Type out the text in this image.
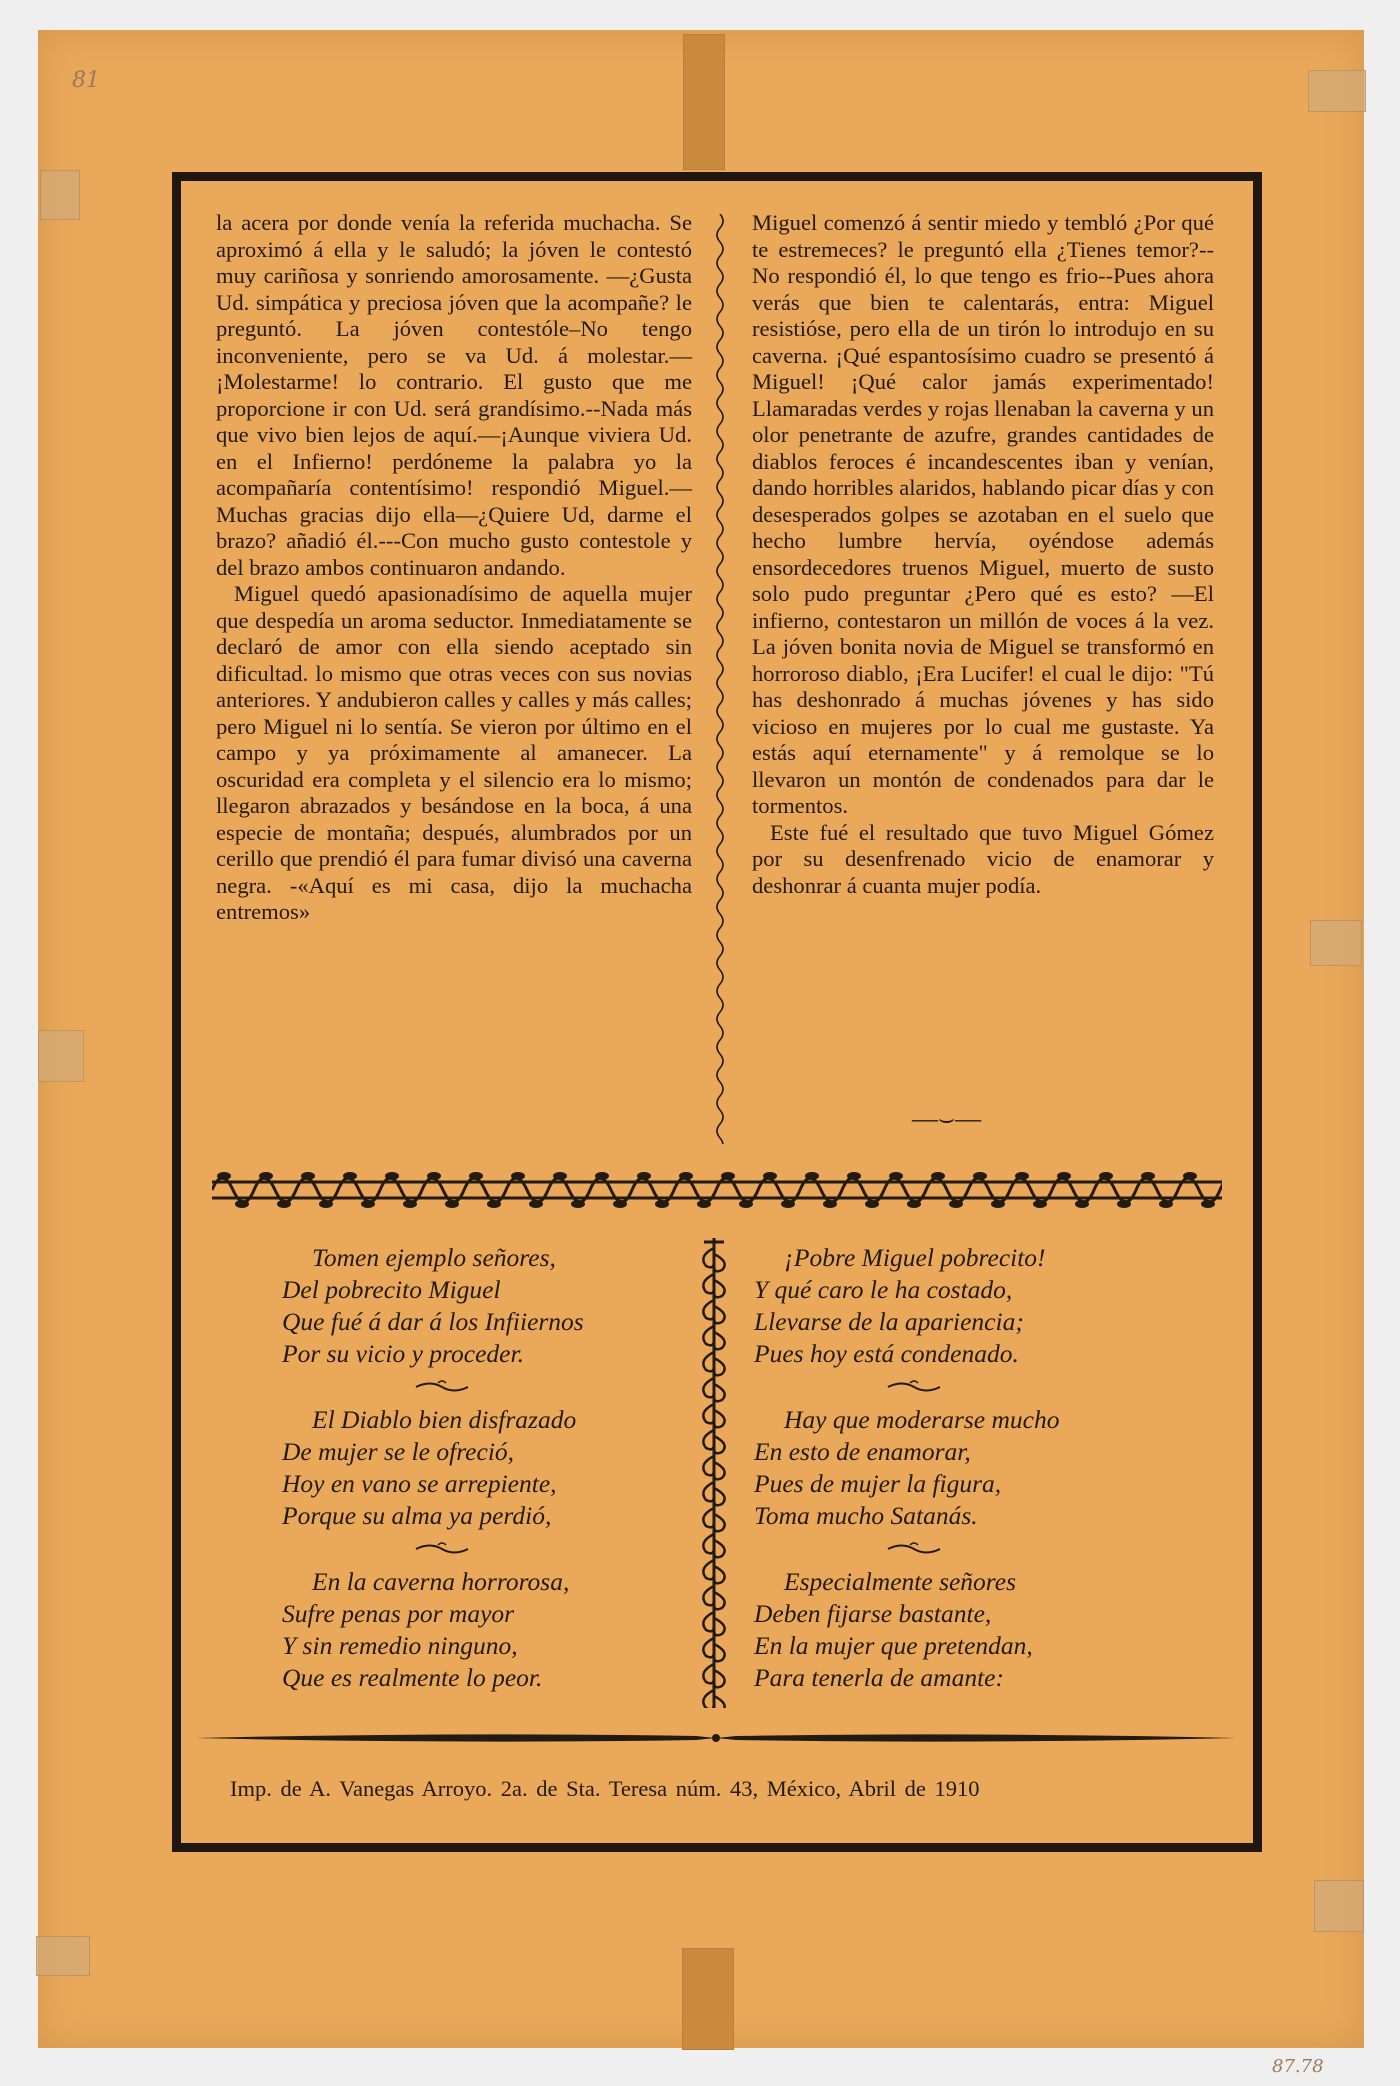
81
87.78

la acera por donde venía la referida muchacha. Se aproximó á ella y le saludó; la jóven le contestó muy cariñosa y sonriendo amorosamente. —¿Gusta Ud. simpática y preciosa jóven que la acompañe? le preguntó. La jóven contestóle–No tengo inconveniente, pero se va Ud. á molestar.—¡Molestarme! lo contrario. El gusto que me proporcione ir con Ud. será grandísimo.--Nada más que vivo bien lejos de aquí.—¡Aunque viviera Ud. en el Infierno! perdóneme la palabra yo la acompañaría contentísimo! respondió Miguel.—Muchas gracias dijo ella—¿Quiere Ud, darme el brazo? añadió él.---Con mucho gusto contestole y del brazo ambos continuaron andando.

Miguel quedó apasionadísimo de aquella mujer que despedía un aroma seductor. Inmediatamente se declaró de amor con ella siendo aceptado sin dificultad. lo mismo que otras veces con sus novias anteriores. Y andubieron calles y calles y más calles; pero Miguel ni lo sentía. Se vieron por último en el campo y ya próximamente al amanecer. La oscuridad era completa y el silencio era lo mismo; llegaron abrazados y besándose en la boca, á una especie de montaña; después, alumbrados por un cerillo que prendió él para fumar divisó una caverna negra. -«Aquí es mi casa, dijo la muchacha entremos»

Miguel comenzó á sentir miedo y tembló ¿Por qué te estremeces? le preguntó ella ¿Tienes temor?--No respondió él, lo que tengo es frio--Pues ahora verás que bien te calentarás, entra: Miguel resistióse, pero ella de un tirón lo introdujo en su caverna. ¡Qué espantosísimo cuadro se presentó á Miguel! ¡Qué calor jamás experimentado! Llamaradas verdes y rojas llenaban la caverna y un olor penetrante de azufre, grandes cantidades de diablos feroces é incandescentes iban y venían, dando horribles alaridos, hablando picar días y con desesperados golpes se azotaban en el suelo que hecho lumbre hervía, oyéndose además ensordecedores truenos Miguel, muerto de susto solo pudo preguntar ¿Pero qué es esto? —El infierno, contestaron un millón de voces á la vez. La jóven bonita novia de Miguel se transformó en horroroso diablo, ¡Era Lucifer! el cual le dijo: "Tú has deshonrado á muchas jóvenes y has sido vicioso en mujeres por lo cual me gustaste. Ya estás aquí eternamente" y á remolque se lo llevaron un montón de condenados para dar le tormentos.

Este fué el resultado que tuvo Miguel Gómez por su desenfrenado vicio de enamorar y deshonrar á cuanta mujer podía.

—⌣—
Tomen ejemplo señores,
Del pobrecito Miguel
Que fué á dar á los Infiiernos
Por su vicio y proceder.
El Diablo bien disfrazado
De mujer se le ofreció,
Hoy en vano se arrepiente,
Porque su alma ya perdió,
En la caverna horrorosa,
Sufre penas por mayor
Y sin remedio ninguno,
Que es realmente lo peor.
¡Pobre Miguel pobrecito!
Y qué caro le ha costado,
Llevarse de la apariencia;
Pues hoy está condenado.
Hay que moderarse mucho
En esto de enamorar,
Pues de mujer la figura,
Toma mucho Satanás.
Especialmente señores
Deben fijarse bastante,
En la mujer que pretendan,
Para tenerla de amante:
Imp. de A. Vanegas Arroyo. 2a. de Sta. Teresa núm. 43, México, Abril de 1910
